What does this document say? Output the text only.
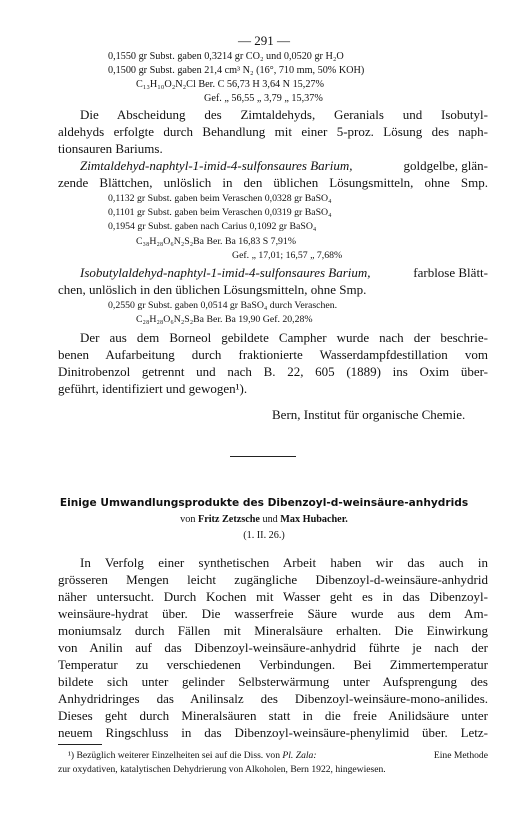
— 291 —
0,1550 gr Subst. gaben 0,3214 gr CO₂ und 0,0520 gr H₂O
0,1500 gr Subst. gaben 21,4 cm³ N₂ (16°, 710 mm, 50% KOH)
C₁₃H₁₀O₂N₂Cl Ber. C 56,73 H 3,64 N 15,27%
Gef. „ 56,55 „ 3,79 „ 15,37%
Die Abscheidung des Zimtaldehyds, Geranials und Isobutyl-
aldehyds erfolgte durch Behandlung mit einer 5-proz. Lösung des naph-
tionsauren Bariums.
Zimtaldehyd-naphtyl-1-imid-4-sulfonsaures Barium,	goldgelbe, glän-
zende Blättchen, unlöslich in den üblichen Lösungsmitteln, ohne Smp.
0,1132 gr Subst. gaben beim Veraschen 0,0328 gr BaSO₄
0,1101 gr Subst. gaben beim Veraschen 0,0319 gr BaSO₄
0,1954 gr Subst. gaben nach Carius 0,1092 gr BaSO₄
C₃₈H₂₈O₆N₂S₂Ba Ber. Ba 16,83 S 7,91%
Gef. „ 17,01; 16,57 „ 7,68%
Isobutylaldehyd-naphtyl-1-imid-4-sulfonsaures Barium,	farblose Blätt-
chen, unlöslich in den üblichen Lösungsmitteln, ohne Smp.
0,2550 gr Subst. gaben 0,0514 gr BaSO₄ durch Veraschen.
C₂₈H₂₈O₆N₂S₂Ba Ber. Ba 19,90 Gef. 20,28%
Der aus dem Borneol gebildete Campher wurde nach der beschrie-
benen Aufarbeitung durch fraktionierte Wasserdampfdestillation vom
Dinitrobenzol getrennt und nach B. 22, 605 (1889) ins Oxim über-
geführt, identifiziert und gewogen¹).
Bern, Institut für organische Chemie.
Einige Umwandlungsprodukte des Dibenzoyl-d-weinsäure-anhydrids
von Fritz Zetzsche und Max Hubacher.
(1. II. 26.)
In Verfolg einer synthetischen Arbeit haben wir das auch in
grösseren Mengen leicht zugängliche Dibenzoyl-d-weinsäure-anhydrid
näher untersucht. Durch Kochen mit Wasser geht es in das Dibenzoyl-
weinsäure-hydrat über. Die wasserfreie Säure wurde aus dem Am-
moniumsalz durch Fällen mit Mineralsäure erhalten. Die Einwirkung
von Anilin auf das Dibenzoyl-weinsäure-anhydrid führte je nach der
Temperatur zu verschiedenen Verbindungen. Bei Zimmertemperatur
bildete sich unter gelinder Selbsterwärmung unter Aufsprengung des
Anhydridringes das Anilinsalz des Dibenzoyl-weinsäure-mono-anilides.
Dieses geht durch Mineralsäuren statt in die freie Anilidsäure unter
neuem Ringschluss in das Dibenzoyl-weinsäure-phenylimid über. Letz-
¹) Bezüglich weiterer Einzelheiten sei auf die Diss. von Pl. Zala:	Eine Methode
zur oxydativen, katalytischen Dehydrierung von Alkoholen, Bern 1922, hingewiesen.
